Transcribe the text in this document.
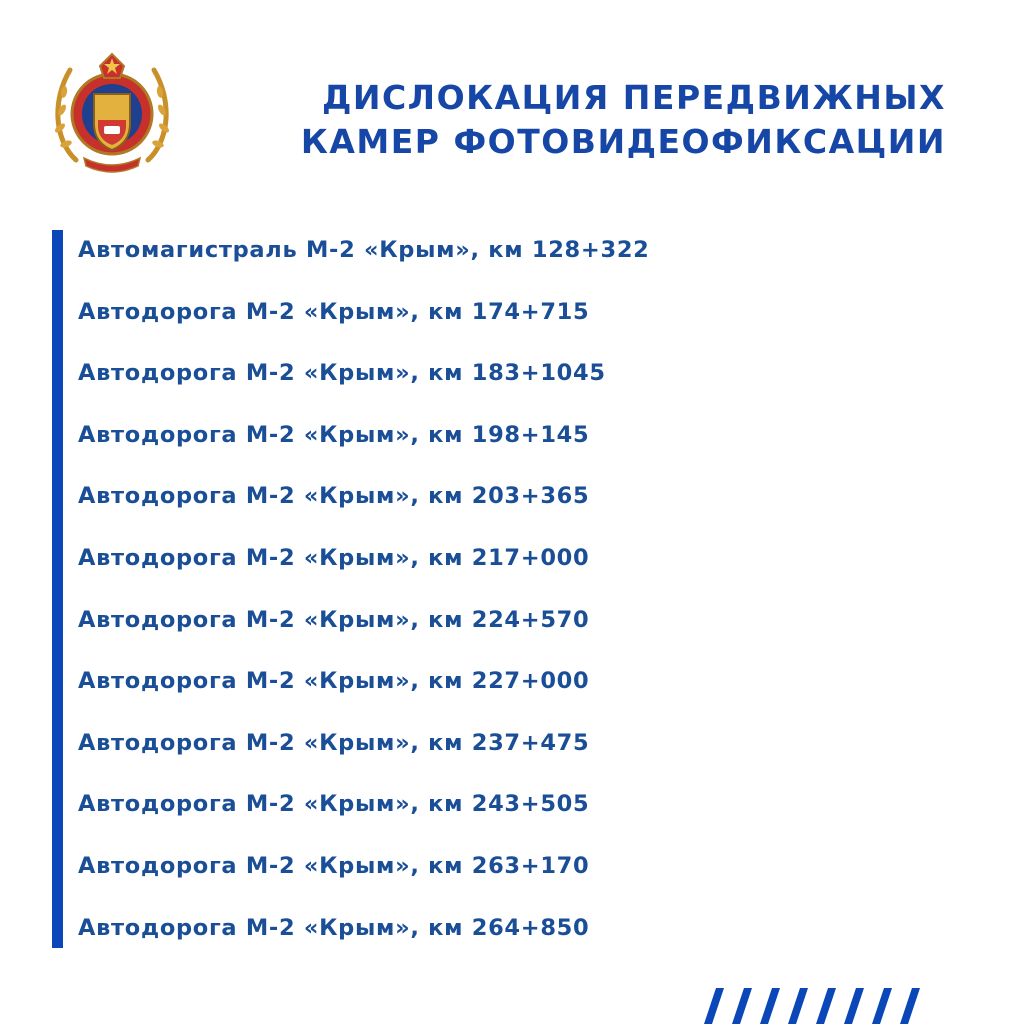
ДИСЛОКАЦИЯ ПЕРЕДВИЖНЫХ
КАМЕР ФОТОВИДЕОФИКСАЦИИ
Автомагистраль М-2 «Крым», км 128+322
Автодорога М-2 «Крым», км 174+715
Автодорога М-2 «Крым», км 183+1045
Автодорога М-2 «Крым», км 198+145
Автодорога М-2 «Крым», км 203+365
Автодорога М-2 «Крым», км 217+000
Автодорога М-2 «Крым», км 224+570
Автодорога М-2 «Крым», км 227+000
Автодорога М-2 «Крым», км 237+475
Автодорога М-2 «Крым», км 243+505
Автодорога М-2 «Крым», км 263+170
Автодорога М-2 «Крым», км 264+850
